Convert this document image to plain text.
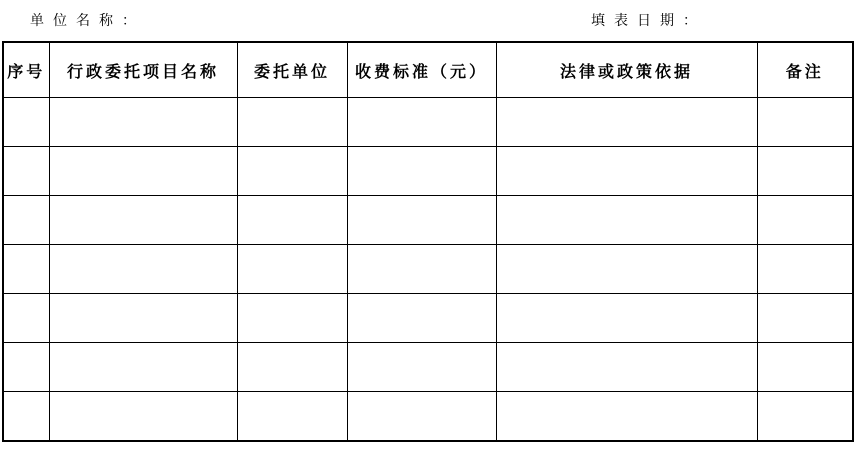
单位名称：	填表日期：
序号	行政委托项目名称	委托单位	收费标准（元）	法律或政策依据	备注
